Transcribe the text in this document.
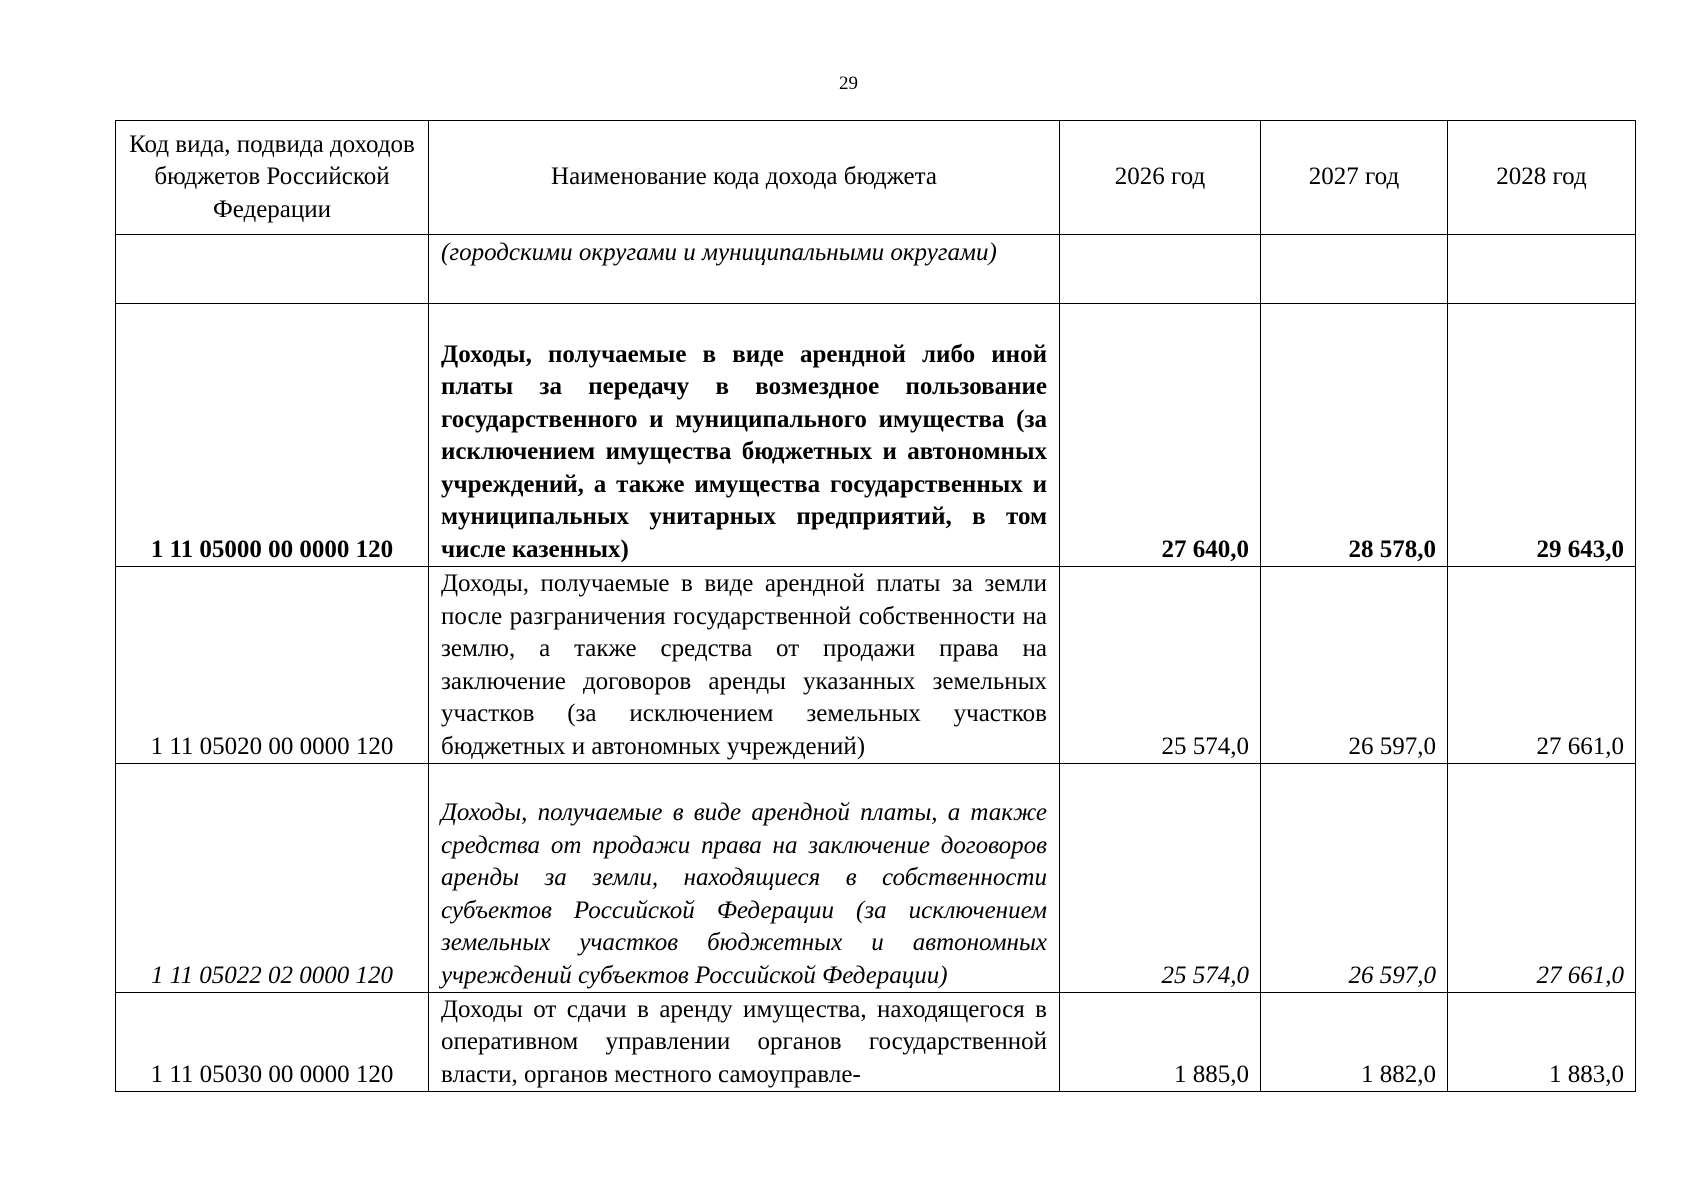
29
Код вида, подвида доходов бюджетов Российской Федерации	Наименование кода дохода бюджета	2026 год	2027 год	2028 год
	(городскими округами и муниципальными округами)			
1 11 05000 00 0000 120	Доходы, получаемые в виде арендной либо иной платы за передачу в возмездное пользование государственного и муниципального имущества (за исключением имущества бюджетных и автономных учреждений, а также имущества государственных и муниципальных унитарных предприятий, в том числе казенных)	27 640,0	28 578,0	29 643,0
1 11 05020 00 0000 120	Доходы, получаемые в виде арендной платы за земли после разграничения государственной собственности на землю, а также средства от продажи права на заключение договоров аренды указанных земельных участков (за исключением земельных участков бюджетных и автономных учреждений)	25 574,0	26 597,0	27 661,0
1 11 05022 02 0000 120	Доходы, получаемые в виде арендной платы, а также средства от продажи права на заключение договоров аренды за земли, находящиеся в собственности субъектов Российской Федерации (за исключением земельных участков бюджетных и автономных учреждений субъектов Российской Федерации)	25 574,0	26 597,0	27 661,0
1 11 05030 00 0000 120	Доходы от сдачи в аренду имущества, находящегося в оперативном управлении органов государственной власти, органов местного самоуправле-	1 885,0	1 882,0	1 883,0
